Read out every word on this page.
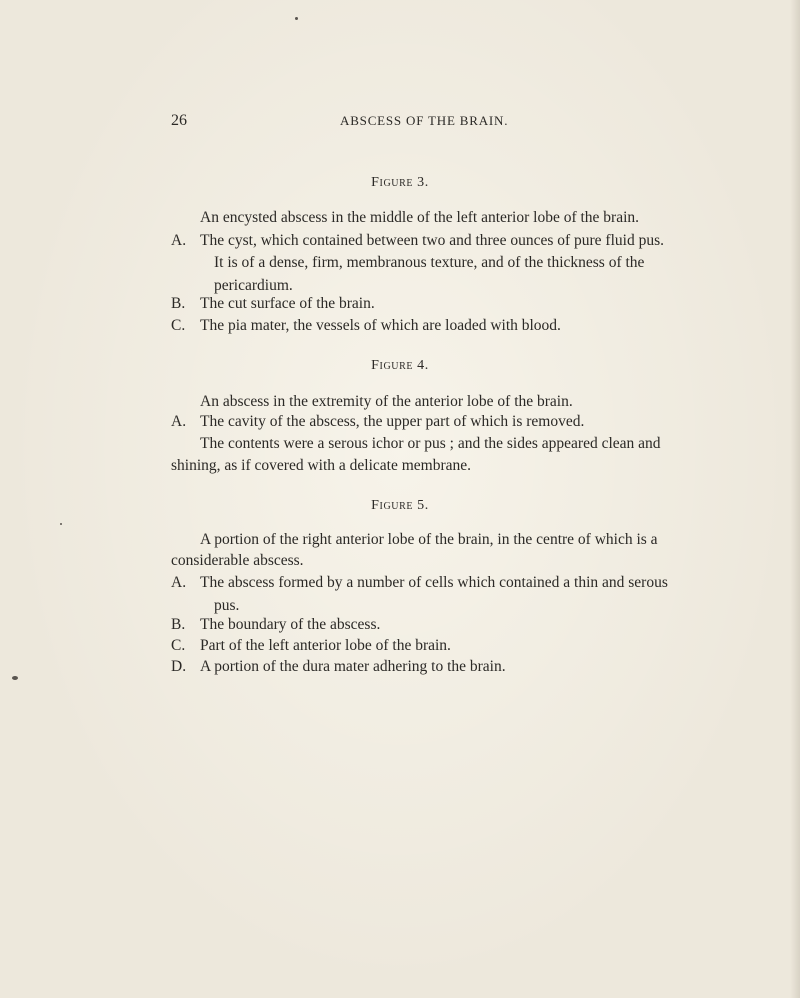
26	ABSCESS OF THE BRAIN.
Figure 3.
An encysted abscess in the middle of the left anterior lobe of the brain.
A. The cyst, which contained between two and three ounces of pure fluid pus.
It is of a dense, firm, membranous texture, and of the thickness of the
pericardium.
B. The cut surface of the brain.
C. The pia mater, the vessels of which are loaded with blood.
Figure 4.
An abscess in the extremity of the anterior lobe of the brain.
A. The cavity of the abscess, the upper part of which is removed.
The contents were a serous ichor or pus ; and the sides appeared clean and
shining, as if covered with a delicate membrane.
Figure 5.
A portion of the right anterior lobe of the brain, in the centre of which is a
considerable abscess.
A. The abscess formed by a number of cells which contained a thin and serous
pus.
B. The boundary of the abscess.
C. Part of the left anterior lobe of the brain.
D. A portion of the dura mater adhering to the brain.
